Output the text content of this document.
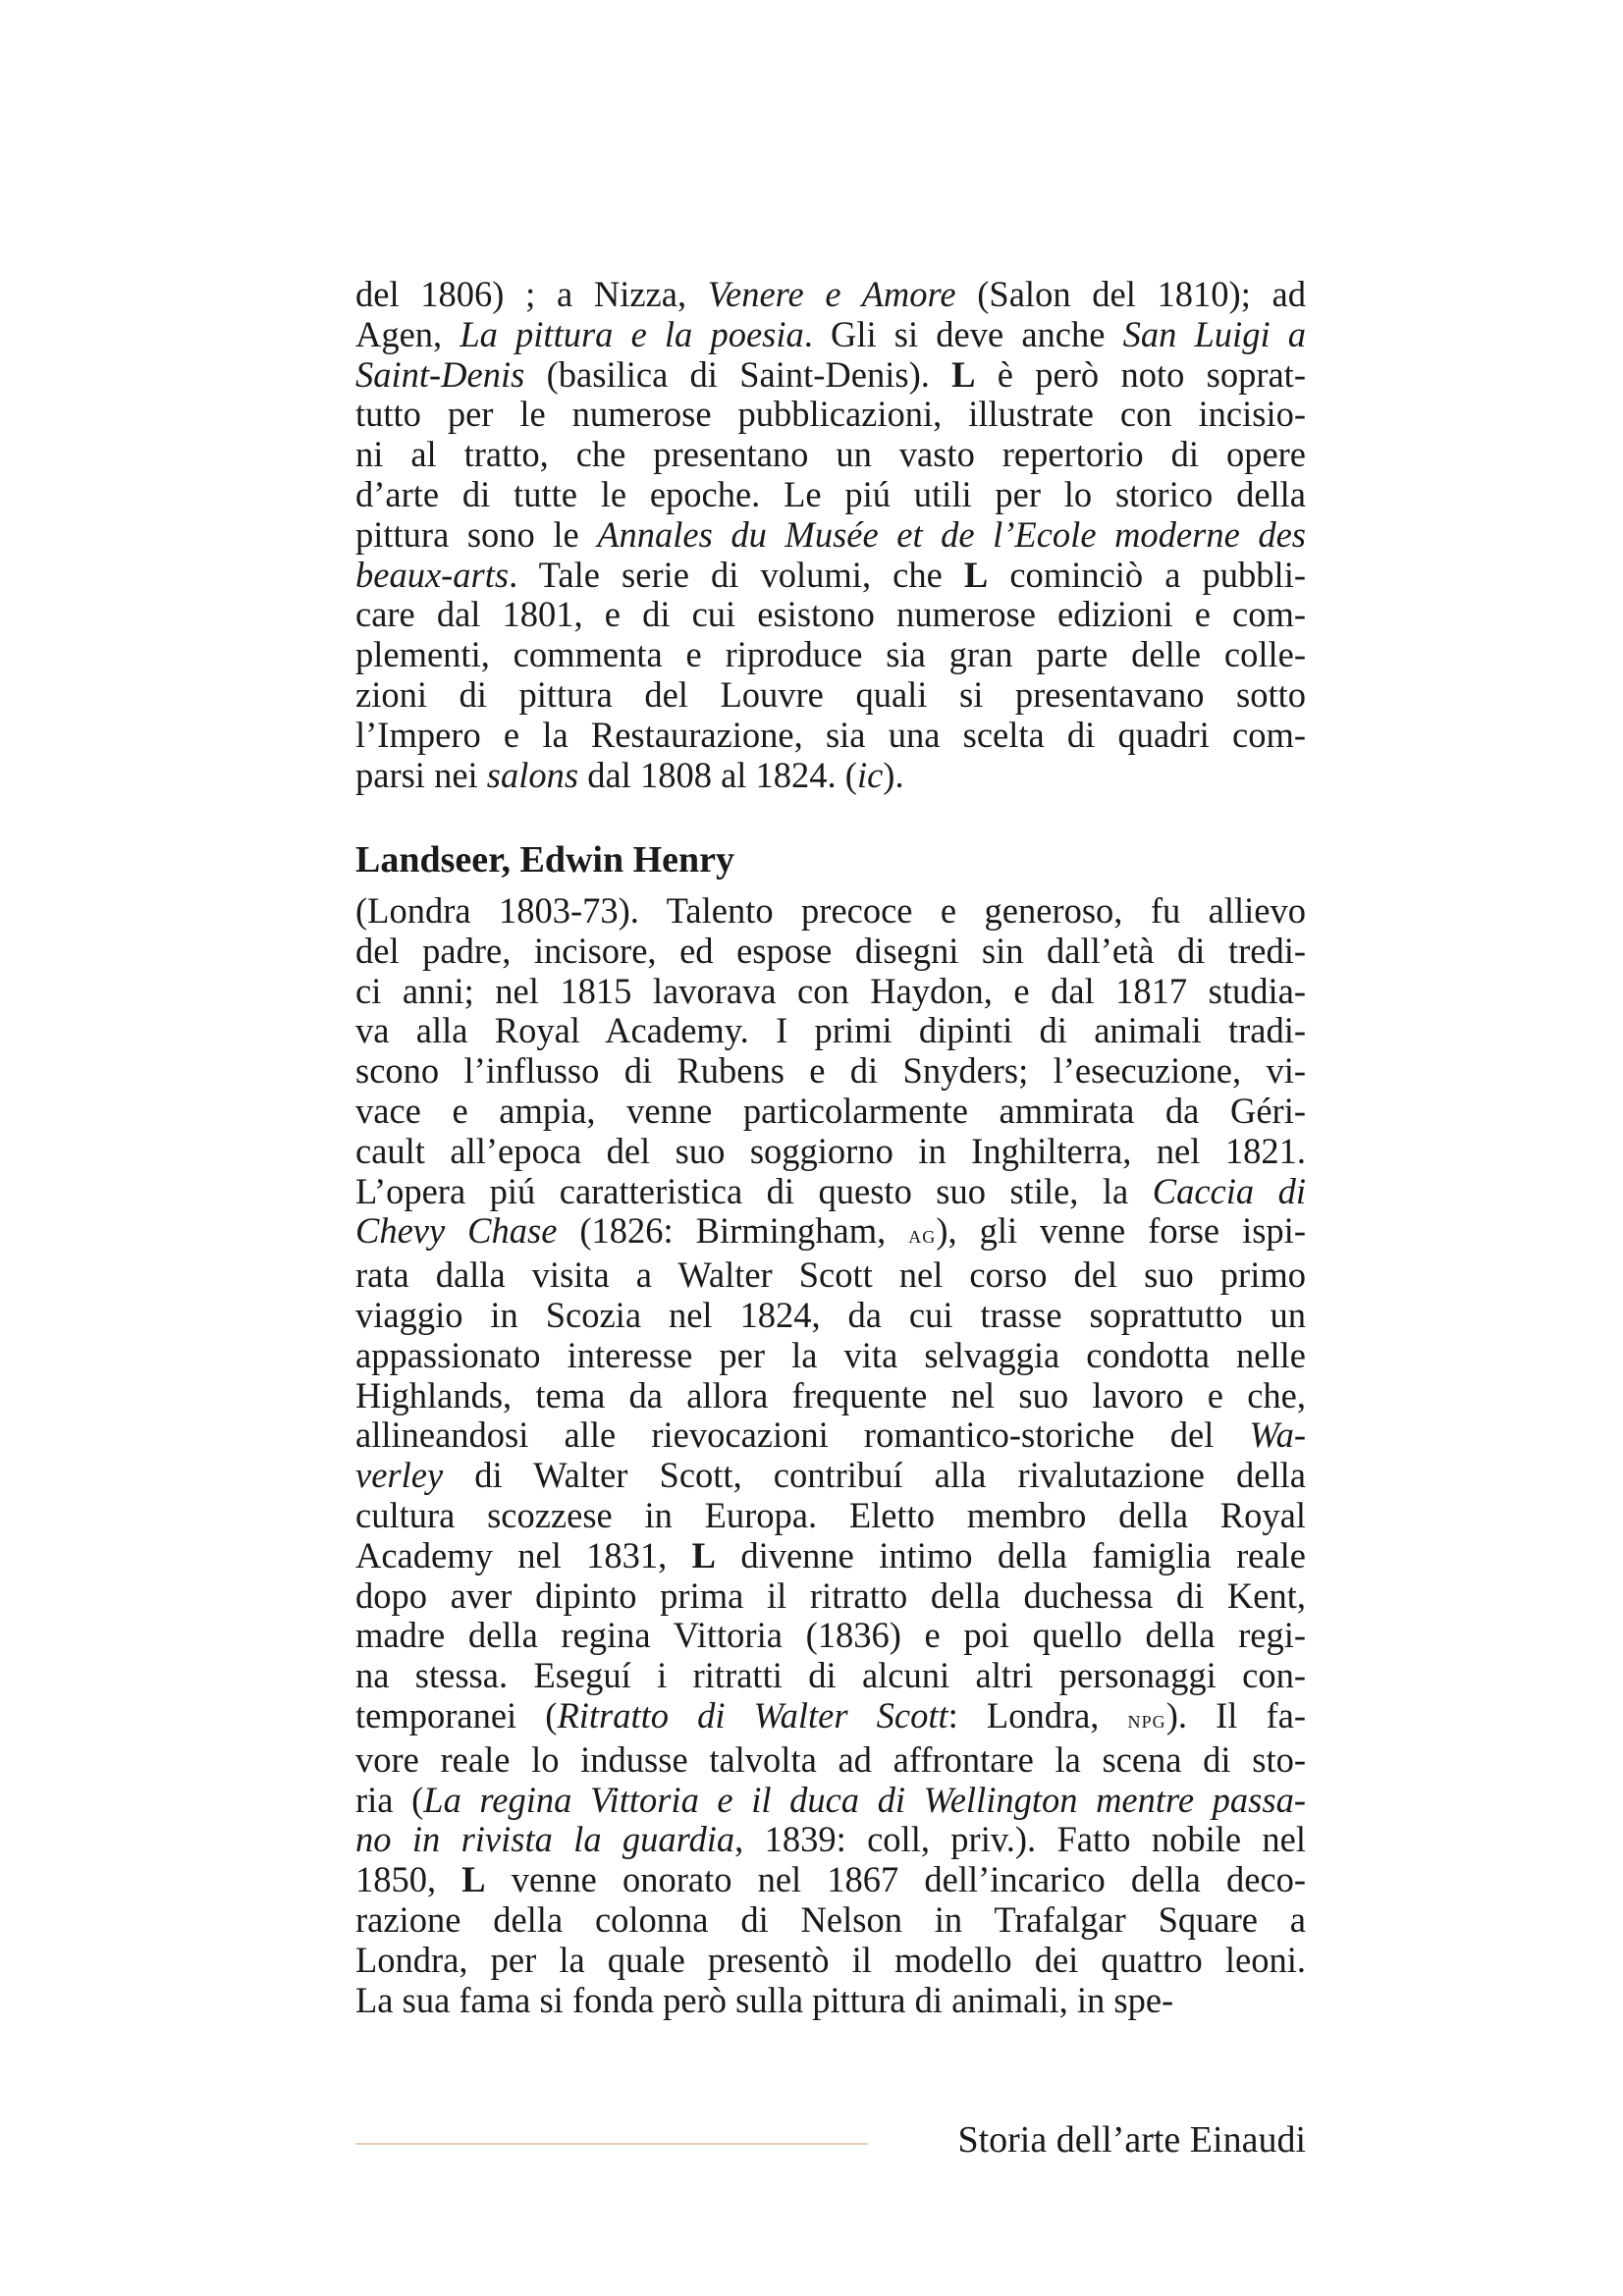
del 1806) ; a Nizza, Venere e Amore (Salon del 1810); ad
Agen, La pittura e la poesia. Gli si deve anche San Luigi a
Saint-Denis (basilica di Saint-Denis). L è però noto soprat-
tutto per le numerose pubblicazioni, illustrate con incisio-
ni al tratto, che presentano un vasto repertorio di opere
d’arte di tutte le epoche. Le piú utili per lo storico della
pittura sono le Annales du Musée et de l’Ecole moderne des
beaux-arts. Tale serie di volumi, che L cominciò a pubbli-
care dal 1801, e di cui esistono numerose edizioni e com-
plementi, commenta e riproduce sia gran parte delle colle-
zioni di pittura del Louvre quali si presentavano sotto
l’Impero e la Restaurazione, sia una scelta di quadri com-
parsi nei salons dal 1808 al 1824. (ic).
Landseer, Edwin Henry
(Londra 1803-73). Talento precoce e generoso, fu allievo
del padre, incisore, ed espose disegni sin dall’età di tredi-
ci anni; nel 1815 lavorava con Haydon, e dal 1817 studia-
va alla Royal Academy. I primi dipinti di animali tradi-
scono l’influsso di Rubens e di Snyders; l’esecuzione, vi-
vace e ampia, venne particolarmente ammirata da Géri-
cault all’epoca del suo soggiorno in Inghilterra, nel 1821.
L’opera piú caratteristica di questo suo stile, la Caccia di
Chevy Chase (1826: Birmingham, ag), gli venne forse ispi-
rata dalla visita a Walter Scott nel corso del suo primo
viaggio in Scozia nel 1824, da cui trasse soprattutto un
appassionato interesse per la vita selvaggia condotta nelle
Highlands, tema da allora frequente nel suo lavoro e che,
allineandosi alle rievocazioni romantico-storiche del Wa-
verley di Walter Scott, contribuí alla rivalutazione della
cultura scozzese in Europa. Eletto membro della Royal
Academy nel 1831, L divenne intimo della famiglia reale
dopo aver dipinto prima il ritratto della duchessa di Kent,
madre della regina Vittoria (1836) e poi quello della regi-
na stessa. Eseguí i ritratti di alcuni altri personaggi con-
temporanei (Ritratto di Walter Scott: Londra, npg). Il fa-
vore reale lo indusse talvolta ad affrontare la scena di sto-
ria (La regina Vittoria e il duca di Wellington mentre passa-
no in rivista la guardia, 1839: coll, priv.). Fatto nobile nel
1850, L venne onorato nel 1867 dell’incarico della deco-
razione della colonna di Nelson in Trafalgar Square a
Londra, per la quale presentò il modello dei quattro leoni.
La sua fama si fonda però sulla pittura di animali, in spe-
Storia dell’arte Einaudi
